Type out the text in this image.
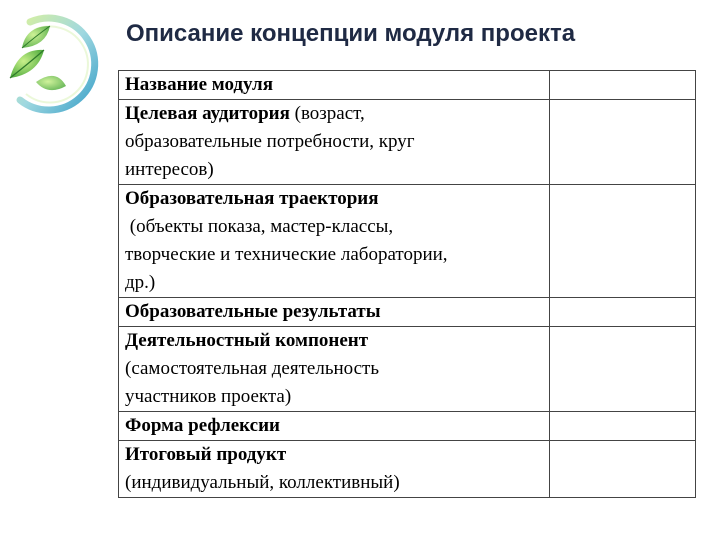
Описание концепции модуля проекта
Название модуля	

Целевая аудитория (возраст,
образовательные потребности, круг
интересов)	

Образовательная траектория
(объекты показа, мастер-классы,
творческие и технические лаборатории,
др.)	

Образовательные результаты	

Деятельностный компонент
(самостоятельная деятельность
участников проекта)	

Форма рефлексии	

Итоговый продукт
(индивидуальный, коллективный)	
